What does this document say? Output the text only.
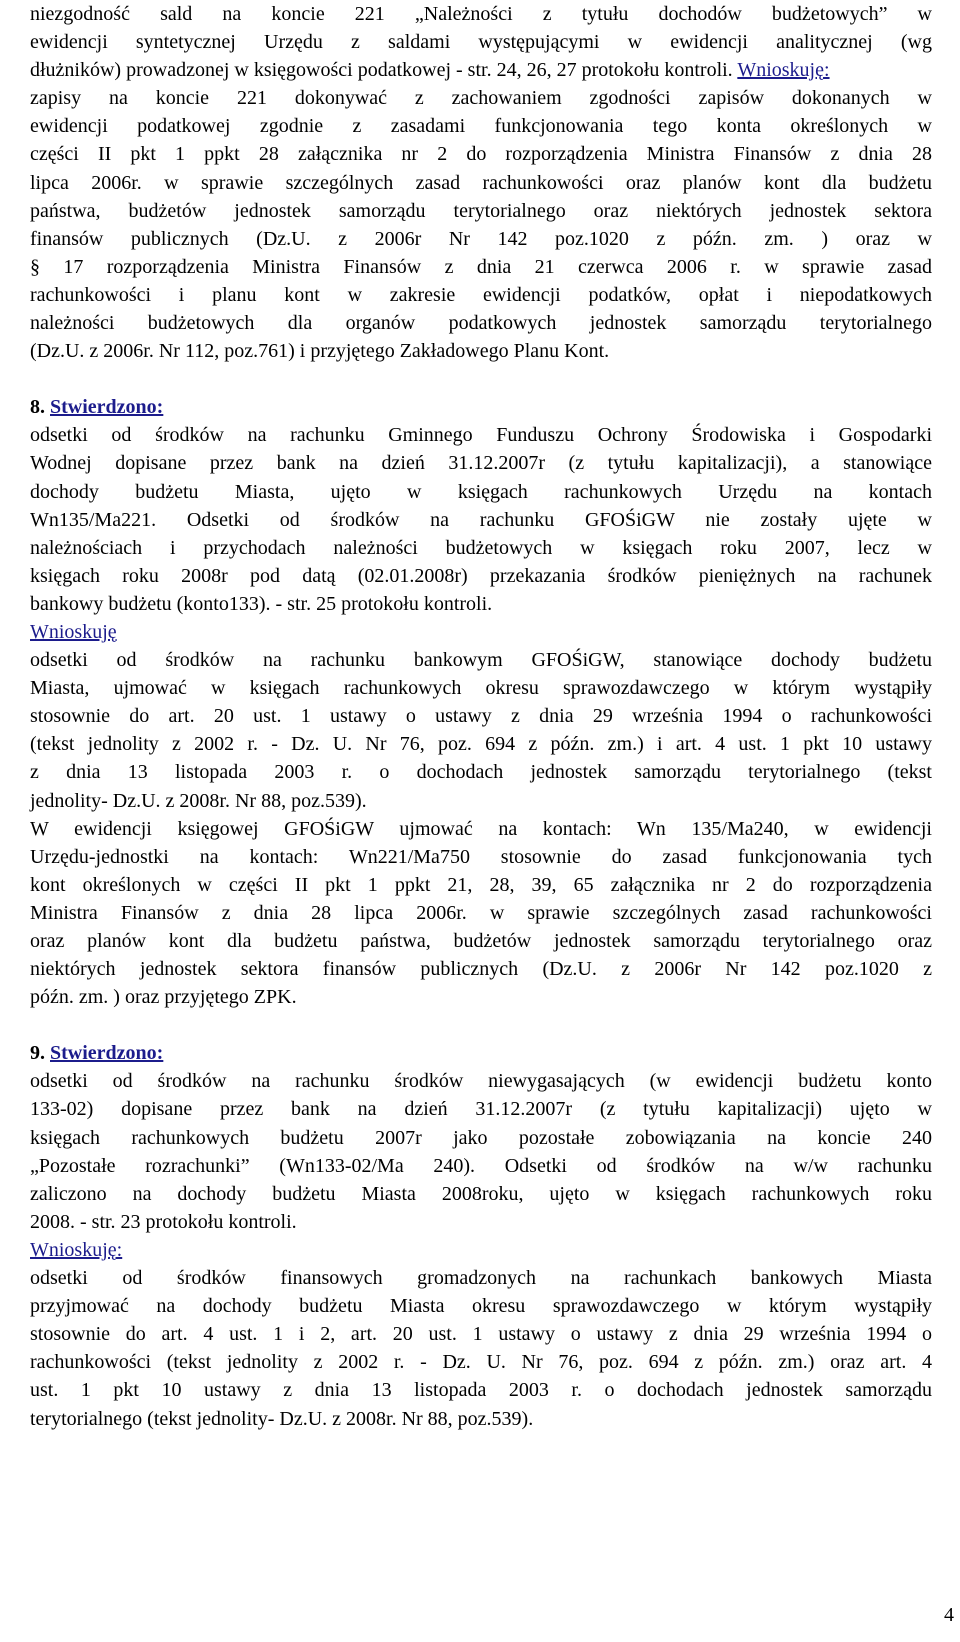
niezgodność sald na koncie 221 „Należności z tytułu dochodów budżetowych” w
ewidencji syntetycznej Urzędu z saldami występującymi w ewidencji analitycznej (wg
dłużników) prowadzonej w księgowości podatkowej - str. 24, 26, 27 protokołu kontroli. Wnioskuję:
zapisy na koncie 221 dokonywać z zachowaniem zgodności zapisów dokonanych w
ewidencji podatkowej zgodnie z zasadami funkcjonowania tego konta określonych w
części II pkt 1 ppkt 28 załącznika nr 2 do rozporządzenia Ministra Finansów z dnia 28
lipca 2006r. w sprawie szczególnych zasad rachunkowości oraz planów kont dla budżetu
państwa, budżetów jednostek samorządu terytorialnego oraz niektórych jednostek sektora
finansów publicznych (Dz.U. z 2006r Nr 142 poz.1020 z późn. zm. ) oraz w
§ 17 rozporządzenia Ministra Finansów z dnia 21 czerwca 2006 r. w sprawie zasad
rachunkowości i planu kont w zakresie ewidencji podatków, opłat i niepodatkowych
należności budżetowych dla organów podatkowych jednostek samorządu terytorialnego
(Dz.U. z 2006r. Nr 112, poz.761) i przyjętego Zakładowego Planu Kont.
8. Stwierdzono:
odsetki od środków na rachunku Gminnego Funduszu Ochrony Środowiska i Gospodarki
Wodnej dopisane przez bank na dzień 31.12.2007r (z tytułu kapitalizacji), a stanowiące
dochody budżetu Miasta, ujęto w księgach rachunkowych Urzędu na kontach
Wn135/Ma221. Odsetki od środków na rachunku GFOŚiGW nie zostały ujęte w
należnościach i przychodach należności budżetowych w księgach roku 2007, lecz w
księgach roku 2008r pod datą (02.01.2008r) przekazania środków pieniężnych na rachunek
bankowy budżetu (konto133). - str. 25 protokołu kontroli.
Wnioskuję
odsetki od środków na rachunku bankowym GFOŚiGW, stanowiące dochody budżetu
Miasta, ujmować w księgach rachunkowych okresu sprawozdawczego w którym wystąpiły
stosownie do art. 20 ust. 1 ustawy o ustawy z dnia 29 września 1994 o rachunkowości
(tekst jednolity z 2002 r. - Dz. U. Nr 76, poz. 694 z późn. zm.) i art. 4 ust. 1 pkt 10 ustawy
z dnia 13 listopada 2003 r. o dochodach jednostek samorządu terytorialnego (tekst
jednolity- Dz.U. z 2008r. Nr 88, poz.539).
W ewidencji księgowej GFOŚiGW ujmować na kontach: Wn 135/Ma240, w ewidencji
Urzędu-jednostki na kontach: Wn221/Ma750 stosownie do zasad funkcjonowania tych
kont określonych w części II pkt 1 ppkt 21, 28, 39, 65 załącznika nr 2 do rozporządzenia
Ministra Finansów z dnia 28 lipca 2006r. w sprawie szczególnych zasad rachunkowości
oraz planów kont dla budżetu państwa, budżetów jednostek samorządu terytorialnego oraz
niektórych jednostek sektora finansów publicznych (Dz.U. z 2006r Nr 142 poz.1020 z
późn. zm. ) oraz przyjętego ZPK.
9. Stwierdzono:
odsetki od środków na rachunku środków niewygasających (w ewidencji budżetu konto
133-02) dopisane przez bank na dzień 31.12.2007r (z tytułu kapitalizacji) ujęto w
księgach rachunkowych budżetu 2007r jako pozostałe zobowiązania na koncie 240
„Pozostałe rozrachunki” (Wn133-02/Ma 240). Odsetki od środków na w/w rachunku
zaliczono na dochody budżetu Miasta 2008roku, ujęto w księgach rachunkowych roku
2008. - str. 23 protokołu kontroli.
Wnioskuję:
odsetki od środków finansowych gromadzonych na rachunkach bankowych Miasta
przyjmować na dochody budżetu Miasta okresu sprawozdawczego w którym wystąpiły
stosownie do art. 4 ust. 1 i 2, art. 20 ust. 1 ustawy o ustawy z dnia 29 września 1994 o
rachunkowości (tekst jednolity z 2002 r. - Dz. U. Nr 76, poz. 694 z późn. zm.) oraz art. 4
ust. 1 pkt 10 ustawy z dnia 13 listopada 2003 r. o dochodach jednostek samorządu
terytorialnego (tekst jednolity- Dz.U. z 2008r. Nr 88, poz.539).
4
